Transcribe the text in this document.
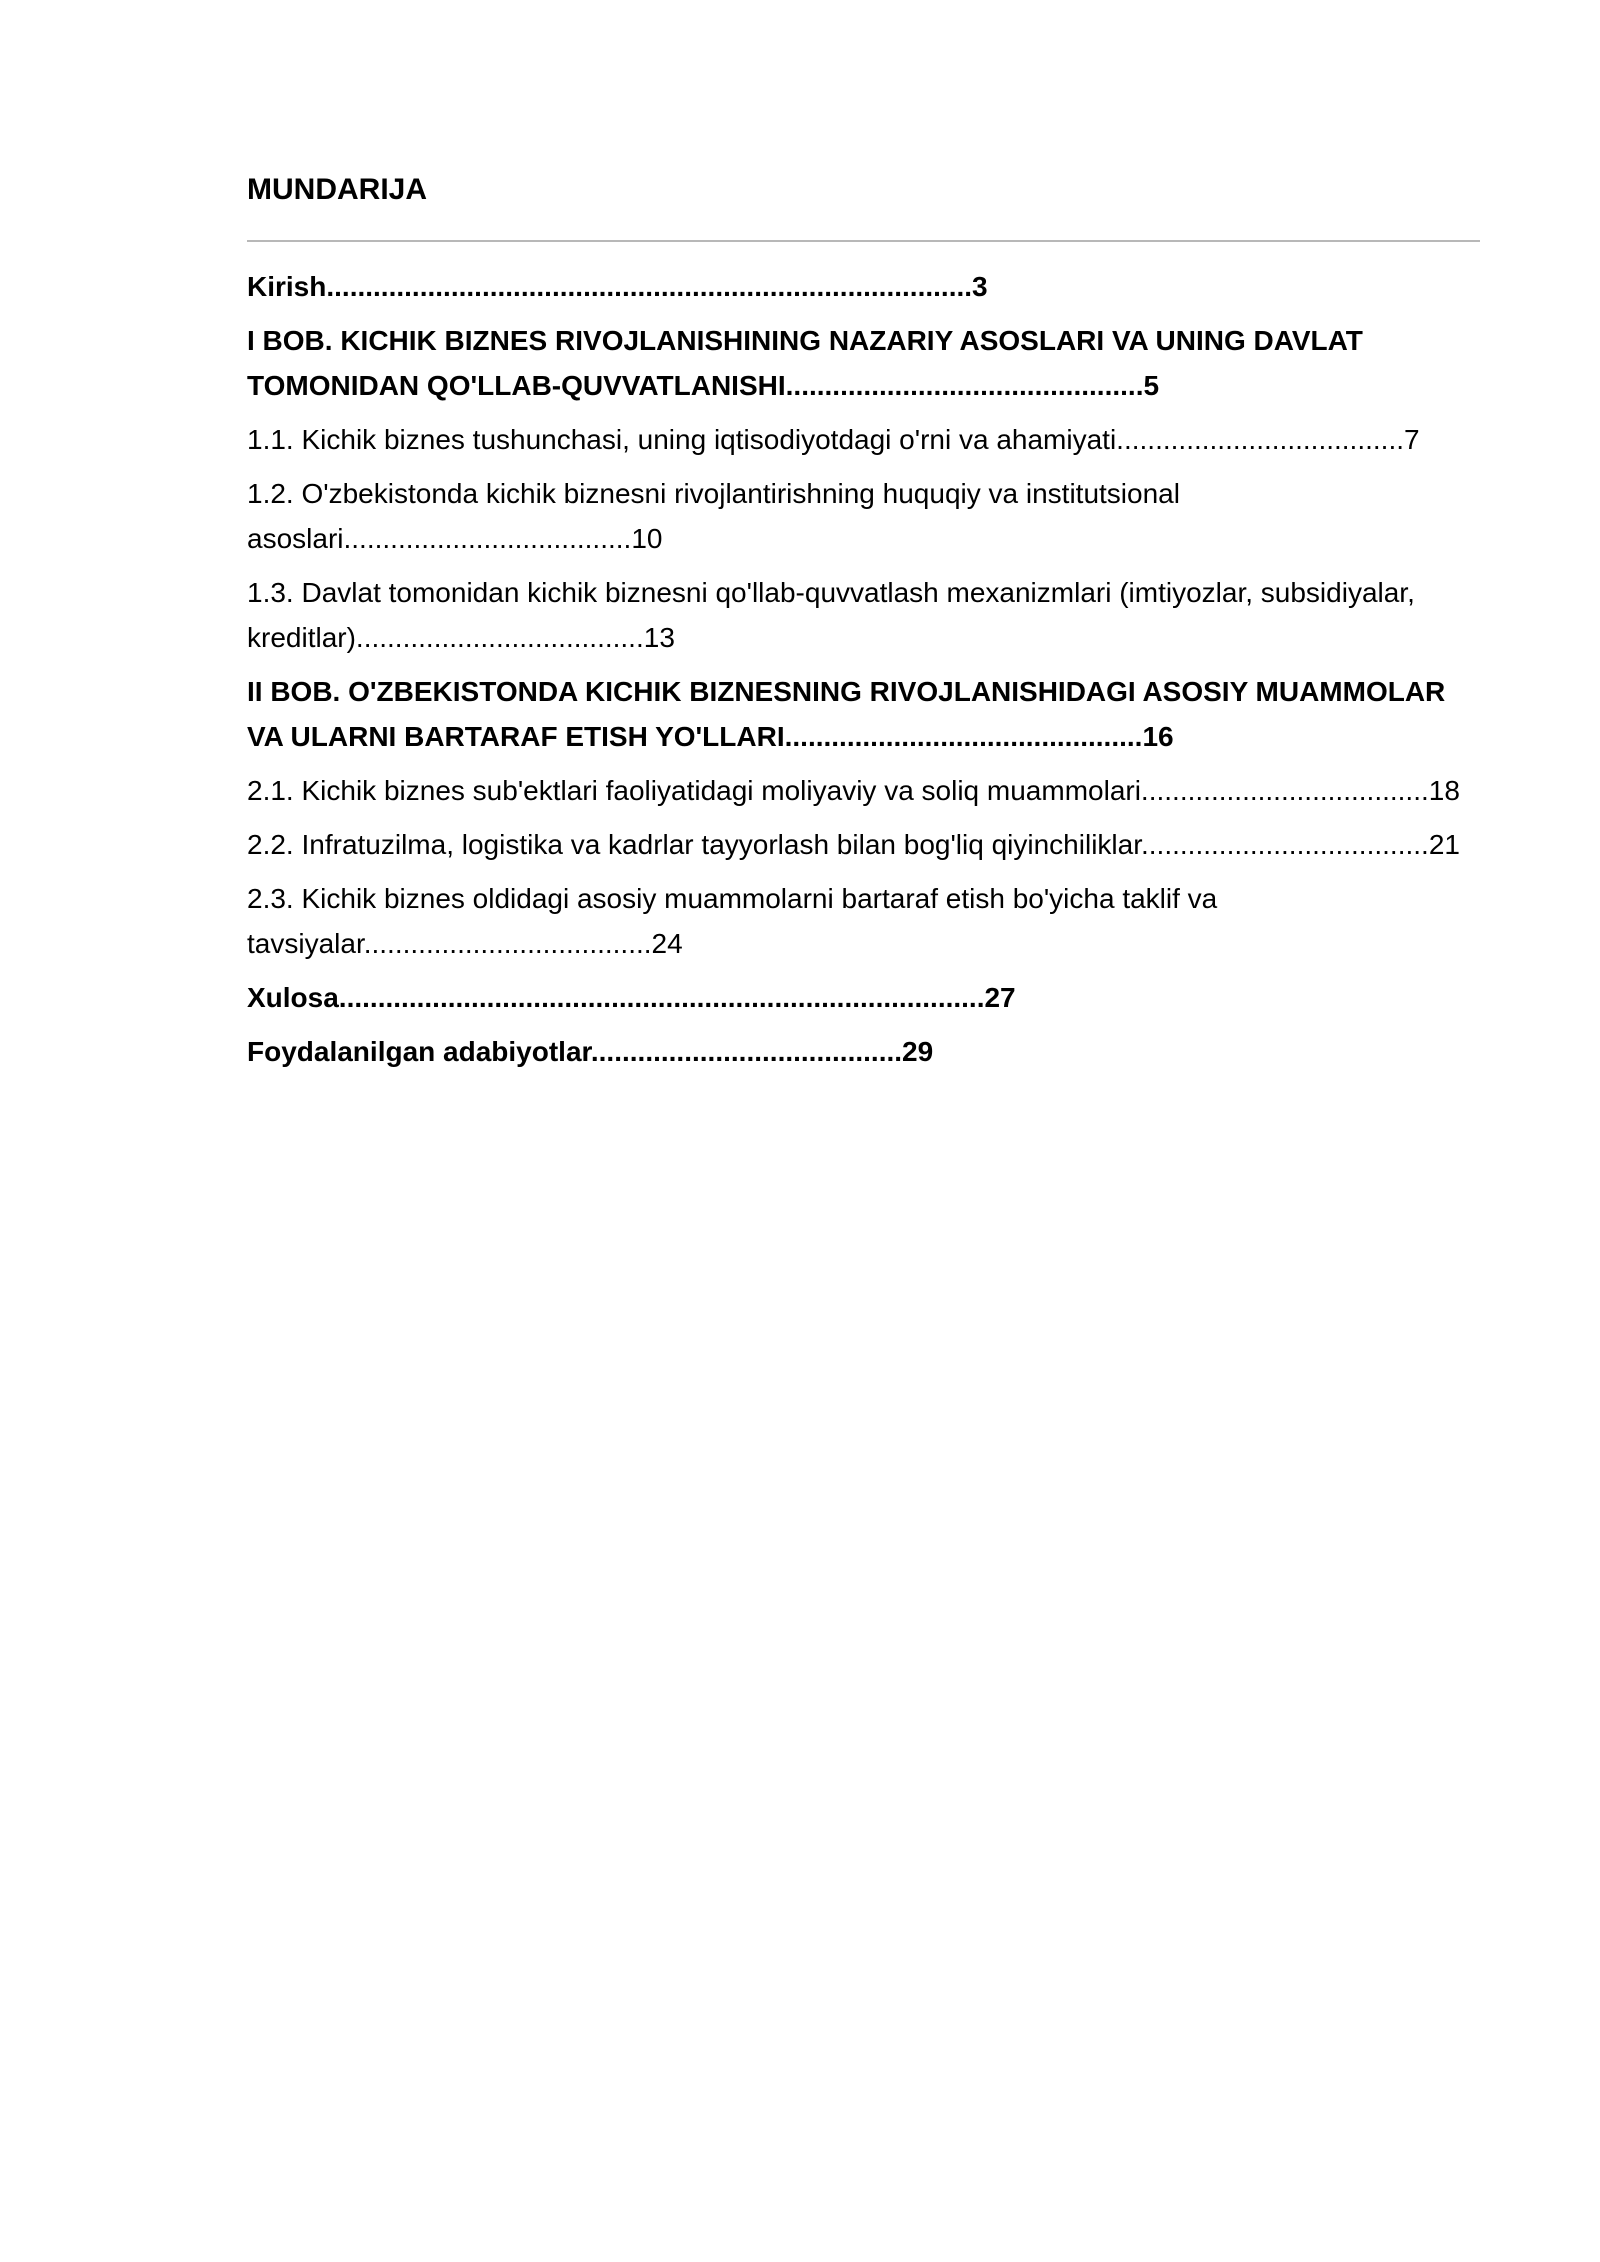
MUNDARIJA
Kirish...................................................................................3
I BOB. KICHIK BIZNES RIVOJLANISHINING NAZARIY ASOSLARI VA UNING DAVLAT TOMONIDAN QO'LLAB-QUVVATLANISHI..............................................5
1.1. Kichik biznes tushunchasi, uning iqtisodiyotdagi o'rni va ahamiyati.....................................7
1.2. O'zbekistonda kichik biznesni rivojlantirishning huquqiy va institutsional asoslari.....................................10
1.3. Davlat tomonidan kichik biznesni qo'llab-quvvatlash mexanizmlari (imtiyozlar, subsidiyalar, kreditlar).....................................13
II BOB. O'ZBEKISTONDA KICHIK BIZNESNING RIVOJLANISHIDAGI ASOSIY MUAMMOLAR VA ULARNI BARTARAF ETISH YO'LLARI..............................................16
2.1. Kichik biznes sub'ektlari faoliyatidagi moliyaviy va soliq muammolari.....................................18
2.2. Infratuzilma, logistika va kadrlar tayyorlash bilan bog'liq qiyinchiliklar.....................................21
2.3. Kichik biznes oldidagi asosiy muammolarni bartaraf etish bo'yicha taklif va tavsiyalar.....................................24
Xulosa...................................................................................27
Foydalanilgan adabiyotlar........................................29
